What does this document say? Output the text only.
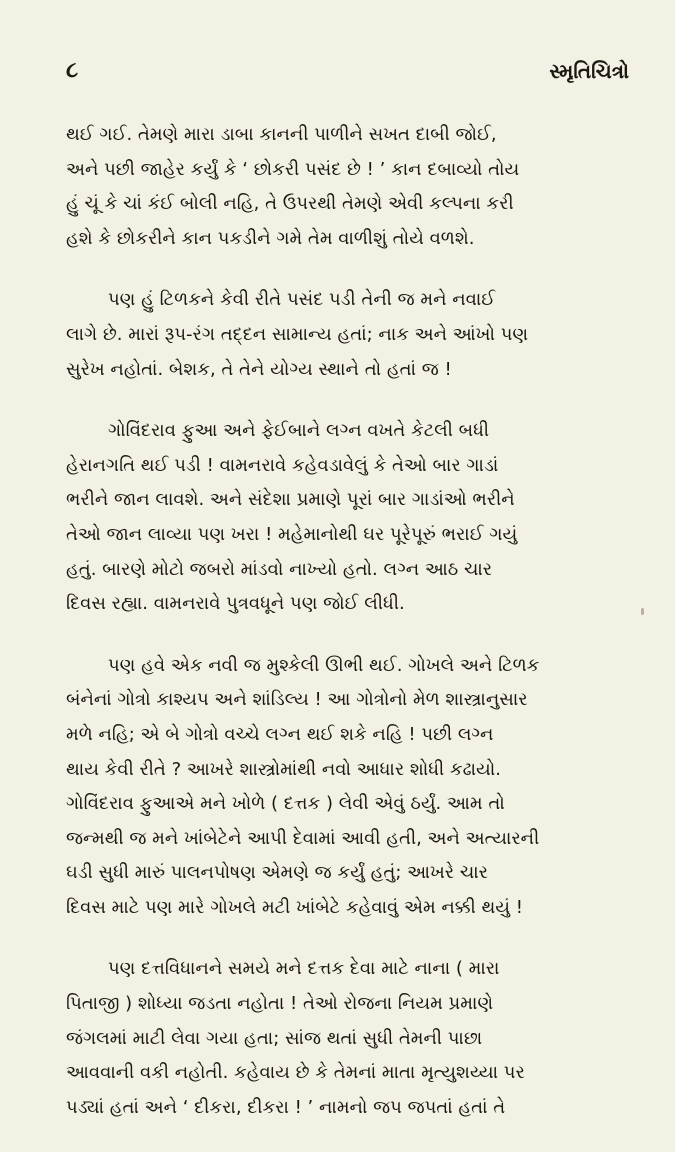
૮	સ્મૃતિચિત્રો

થઈ ગઈ. તેમણે મારા ડાબા કાનની પાળીને સખત દાબી જોઈ,
અને પછી જાહેર કર્યું કે ‘ છોકરી પસંદ છે ! ’ કાન દબાવ્યો તોય
હું ચૂં કે ચાં કંઈ બોલી નહિ, તે ઉપરથી તેમણે એવી કલ્પના કરી
હશે કે છોકરીને કાન પકડીને ગમે તેમ વાળીશું તોયે વળશે.

પણ હું ટિળકને કેવી રીતે પસંદ પડી તેની જ મને નવાઈ
લાગે છે. મારાં રૂપ-રંગ તદ્દન સામાન્ય હતાં; નાક અને આંખો પણ
સુરેખ નહોતાં. બેશક, તે તેને યોગ્ય સ્થાને તો હતાં જ !

ગોવિંદરાવ ફુઆ અને ફેઈબાને લગ્ન વખતે કેટલી બધી
હેરાનગતિ થઈ પડી ! વામનરાવે કહેવડાવેલું કે તેઓ બાર ગાડાં
ભરીને જાન લાવશે. અને સંદેશા પ્રમાણે પૂરાં બાર ગાડાંઓ ભરીને
તેઓ જાન લાવ્યા પણ ખરા ! મહેમાનોથી ઘર પૂરેપૂરું ભરાઈ ગયું
હતું. બારણે મોટો જબરો માંડવો નાખ્યો હતો. લગ્ન આઠ ચાર
દિવસ રહ્યા. વામનરાવે પુત્રવધૂને પણ જોઈ લીધી.

પણ હવે એક નવી જ મુશ્કેલી ઊભી થઈ. ગોખલે અને ટિળક
બંનેનાં ગોત્રો કાશ્યપ અને શાંડિલ્ય ! આ ગોત્રોનો મેળ શાસ્ત્રાનુસાર
મળે નહિ; એ બે ગોત્રો વચ્ચે લગ્ન થઈ શકે નહિ ! પછી લગ્ન
થાય કેવી રીતે ? આખરે શાસ્ત્રોમાંથી નવો આધાર શોધી કઢાયો.
ગોવિંદરાવ ફુઆએ મને ખોળે ( દત્તક ) લેવી એવું ઠર્યું. આમ તો
જન્મથી જ મને ખાંબેટેને આપી દેવામાં આવી હતી, અને અત્યારની
ઘડી સુધી મારું પાલનપોષણ એમણે જ કર્યું હતું; આખરે ચાર
દિવસ માટે પણ મારે ગોખલે મટી ખાંબેટે કહેવાવું એમ નક્કી થયું !

પણ દત્તવિધાનને સમયે મને દત્તક દેવા માટે નાના ( મારા
પિતાજી ) શોધ્યા જડતા નહોતા ! તેઓ રોજના નિયમ પ્રમાણે
જંગલમાં માટી લેવા ગયા હતા; સાંજ થતાં સુધી તેમની પાછા
આવવાની વકી નહોતી. કહેવાય છે કે તેમનાં માતા મૃત્યુશય્યા પર
પડ્યાં હતાં અને ‘ દીકરા, દીકરા ! ’ નામનો જપ જપતાં હતાં તે
